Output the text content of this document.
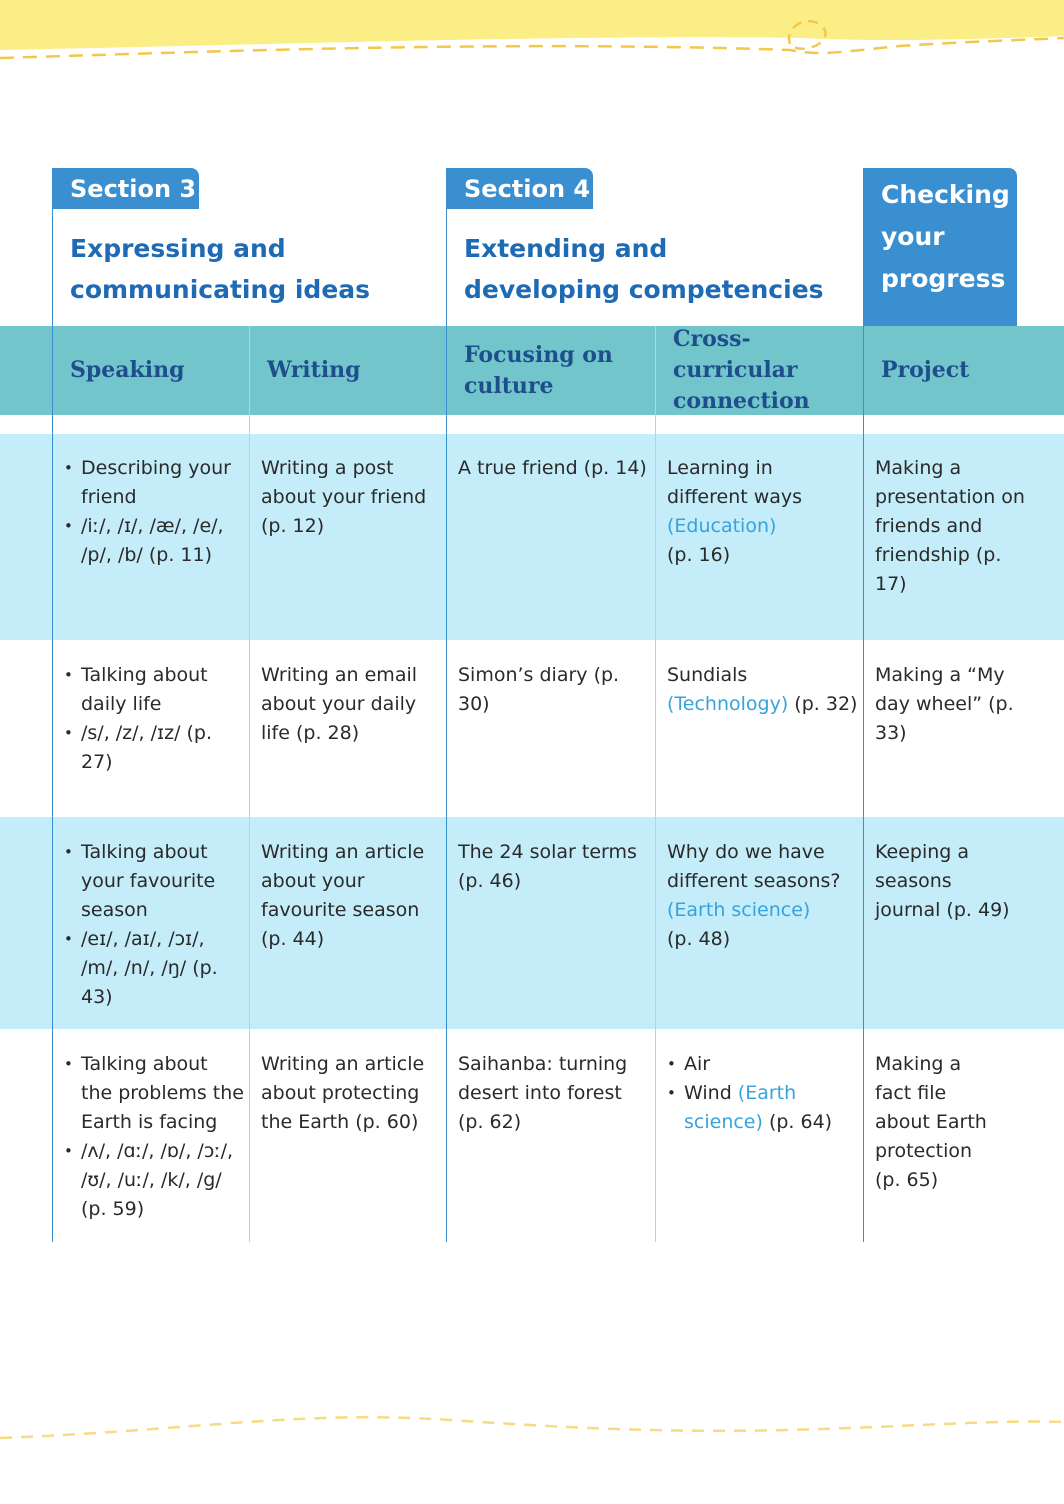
Section 3
Expressing and
communicating ideas
Section 4
Extending and
developing competencies
Checking
your
progress
Speaking	Writing
Focusing on
culture
Cross-curricular
connection
Project
• Describing your friend
• /iː/, /ɪ/, /æ/, /e/, /p/, /b/ (p. 11)
Writing a post about your friend (p. 12)
A true friend (p. 14) Learning in different ways (Education)
(p. 16)
Making a presentation on friends and friendship (p. 17)
• Talking about daily life
• /s/, /z/, /ɪz/ (p. 27)
Writing an email about your daily life (p. 28)
Simon’s diary (p. 30)
Sundials
(Technology) (p. 32)
Making a “My day wheel” (p. 33)
• Talking about your favourite season
• /eɪ/, /aɪ/, /ɔɪ/, /m/, /n/, /ŋ/ (p. 43)
Writing an article about your favourite season (p. 44)
The 24 solar terms (p. 46)
Why do we have different seasons?
(Earth science)
(p. 48)
Keeping a seasons journal (p. 49)
• Talking about the problems the Earth is facing
• /ʌ/, /ɑː/, /ɒ/, /ɔː/, /ʊ/, /uː/, /k/, /g/ (p. 59)
Writing an article about protecting the Earth (p. 60)
Saihanba: turning desert into forest (p. 62)
• Air
• Wind (Earth science) (p. 64)
Making a fact file about Earth protection (p. 65)
